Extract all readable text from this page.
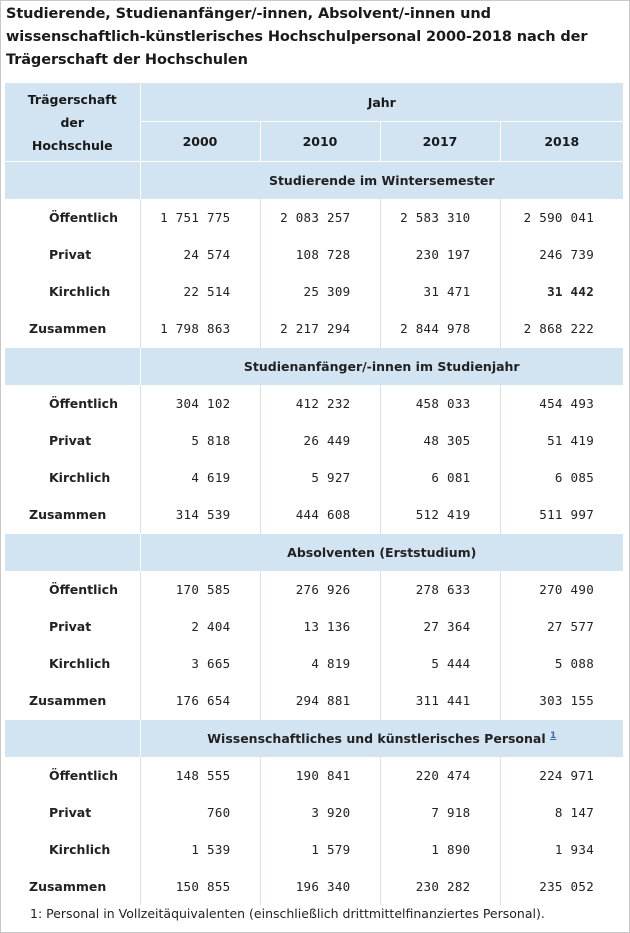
Studierende, Studienanfänger/-innen, Absolvent/-innen und wissenschaftlich-künstlerisches Hochschulpersonal 2000-2018 nach der Trägerschaft der Hochschulen
Trägerschaft
der
Hochschule	Jahr			
	2000	2010	2017	2018
	Studierende im Wintersemester			
Öffentlich	1 751 775	2 083 257	2 583 310	2 590 041
Privat	24 574	108 728	230 197	246 739
Kirchlich	22 514	25 309	31 471	31 442
Zusammen	1 798 863	2 217 294	2 844 978	2 868 222
	Studienanfänger/-innen im Studienjahr			
Öffentlich	304 102	412 232	458 033	454 493
Privat	5 818	26 449	48 305	51 419
Kirchlich	4 619	5 927	6 081	6 085
Zusammen	314 539	444 608	512 419	511 997
	Absolventen (Erststudium)			
Öffentlich	170 585	276 926	278 633	270 490
Privat	2 404	13 136	27 364	27 577
Kirchlich	3 665	4 819	5 444	5 088
Zusammen	176 654	294 881	311 441	303 155
	Wissenschaftliches und künstlerisches Personal $^1$
Öffentlich	148 555	190 841	220 474	224 971
Privat	760	3 920	7 918	8 147
Kirchlich	1 539	1 579	1 890	1 934
Zusammen	150 855	196 340	230 282	235 052
1: Personal in Vollzeitäquivalenten (einschließlich drittmittelfinanziertes Personal).
